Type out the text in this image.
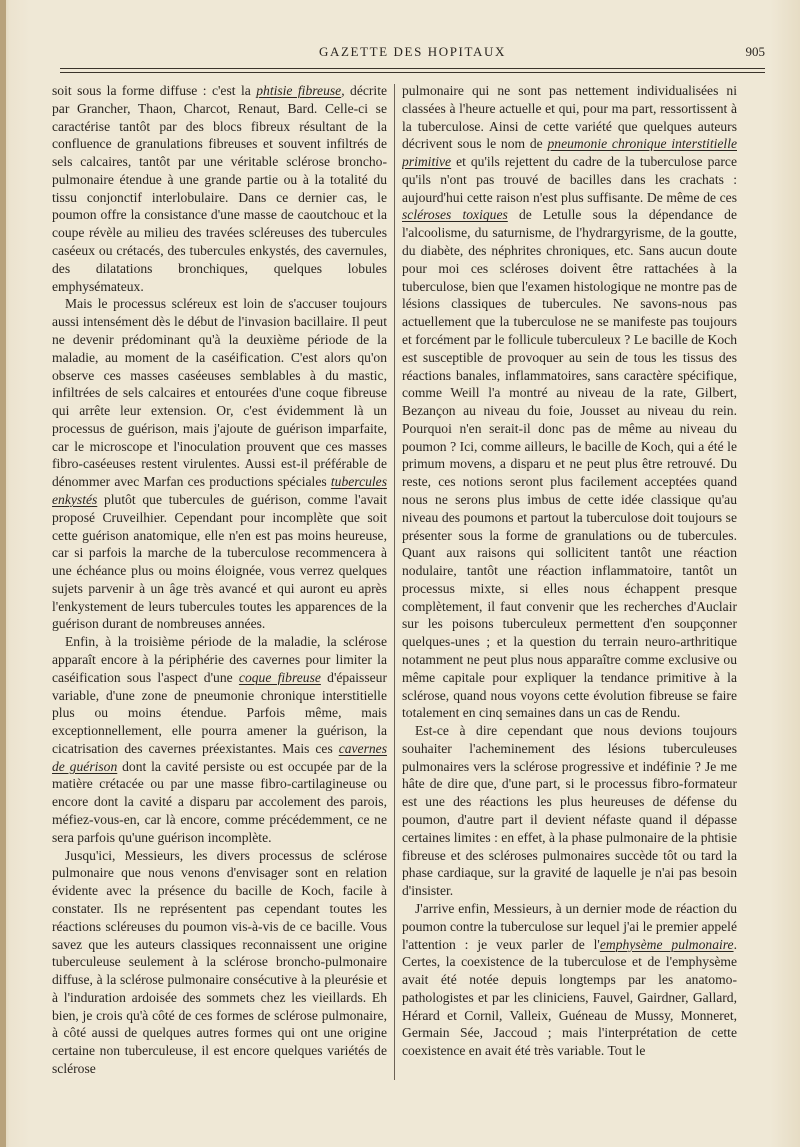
GAZETTE DES HOPITAUX	905

soit sous la forme diffuse : c'est la phtisie fibreuse, décrite par Grancher, Thaon, Charcot, Renaut, Bard. Celle-ci se caractérise tantôt par des blocs fibreux résultant de la confluence de granulations fibreuses et souvent infiltrés de sels calcaires, tantôt par une véritable sclérose broncho-pulmonaire étendue à une grande partie ou à la totalité du tissu conjonctif interlobulaire. Dans ce dernier cas, le poumon offre la consistance d'une masse de caoutchouc et la coupe révèle au milieu des travées scléreuses des tubercules caséeux ou crétacés, des tubercules enkystés, des cavernules, des dilatations bronchiques, quelques lobules emphysémateux.

Mais le processus scléreux est loin de s'accuser toujours aussi intensément dès le début de l'invasion bacillaire. Il peut ne devenir prédominant qu'à la deuxième période de la maladie, au moment de la caséification. C'est alors qu'on observe ces masses caséeuses semblables à du mastic, infiltrées de sels calcaires et entourées d'une coque fibreuse qui arrête leur extension. Or, c'est évidemment là un processus de guérison, mais j'ajoute de guérison imparfaite, car le microscope et l'inoculation prouvent que ces masses fibro-caséeuses restent virulentes. Aussi est-il préférable de dénommer avec Marfan ces productions spéciales tubercules enkystés plutôt que tubercules de guérison, comme l'avait proposé Cruveilhier. Cependant pour incomplète que soit cette guérison anatomique, elle n'en est pas moins heureuse, car si parfois la marche de la tuberculose recommencera à une échéance plus ou moins éloignée, vous verrez quelques sujets parvenir à un âge très avancé et qui auront eu après l'enkystement de leurs tubercules toutes les apparences de la guérison durant de nombreuses années.

Enfin, à la troisième période de la maladie, la sclérose apparaît encore à la périphérie des cavernes pour limiter la caséification sous l'aspect d'une coque fibreuse d'épaisseur variable, d'une zone de pneumonie chronique interstitielle plus ou moins étendue. Parfois même, mais exceptionnellement, elle pourra amener la guérison, la cicatrisation des cavernes préexistantes. Mais ces cavernes de guérison dont la cavité persiste ou est occupée par de la matière crétacée ou par une masse fibro-cartilagineuse ou encore dont la cavité a disparu par accolement des parois, méfiez-vous-en, car là encore, comme précédemment, ce ne sera parfois qu'une guérison incomplète.

Jusqu'ici, Messieurs, les divers processus de sclérose pulmonaire que nous venons d'envisager sont en relation évidente avec la présence du bacille de Koch, facile à constater. Ils ne représentent pas cependant toutes les réactions scléreuses du poumon vis-à-vis de ce bacille. Vous savez que les auteurs classiques reconnaissent une origine tuberculeuse seulement à la sclérose broncho-pulmonaire diffuse, à la sclérose pulmonaire consécutive à la pleurésie et à l'induration ardoisée des sommets chez les vieillards. Eh bien, je crois qu'à côté de ces formes de sclérose pulmonaire, à côté aussi de quelques autres formes qui ont une origine certaine non tuberculeuse, il est encore quelques variétés de sclérose

pulmonaire qui ne sont pas nettement individualisées ni classées à l'heure actuelle et qui, pour ma part, ressortissent à la tuberculose. Ainsi de cette variété que quelques auteurs décrivent sous le nom de pneumonie chronique interstitielle primitive et qu'ils rejettent du cadre de la tuberculose parce qu'ils n'ont pas trouvé de bacilles dans les crachats : aujourd'hui cette raison n'est plus suffisante. De même de ces scléroses toxiques de Letulle sous la dépendance de l'alcoolisme, du saturnisme, de l'hydrargyrisme, de la goutte, du diabète, des néphrites chroniques, etc. Sans aucun doute pour moi ces scléroses doivent être rattachées à la tuberculose, bien que l'examen histologique ne montre pas de lésions classiques de tubercules. Ne savons-nous pas actuellement que la tuberculose ne se manifeste pas toujours et forcément par le follicule tuberculeux ? Le bacille de Koch est susceptible de provoquer au sein de tous les tissus des réactions banales, inflammatoires, sans caractère spécifique, comme Weill l'a montré au niveau de la rate, Gilbert, Bezançon au niveau du foie, Jousset au niveau du rein. Pourquoi n'en serait-il donc pas de même au niveau du poumon ? Ici, comme ailleurs, le bacille de Koch, qui a été le primum movens, a disparu et ne peut plus être retrouvé. Du reste, ces notions seront plus facilement acceptées quand nous ne serons plus imbus de cette idée classique qu'au niveau des poumons et partout la tuberculose doit toujours se présenter sous la forme de granulations ou de tubercules. Quant aux raisons qui sollicitent tantôt une réaction nodulaire, tantôt une réaction inflammatoire, tantôt un processus mixte, si elles nous échappent presque complètement, il faut convenir que les recherches d'Auclair sur les poisons tuberculeux permettent d'en soupçonner quelques-unes ; et la question du terrain neuro-arthritique notamment ne peut plus nous apparaître comme exclusive ou même capitale pour expliquer la tendance primitive à la sclérose, quand nous voyons cette évolution fibreuse se faire totalement en cinq semaines dans un cas de Rendu.

Est-ce à dire cependant que nous devions toujours souhaiter l'acheminement des lésions tuberculeuses pulmonaires vers la sclérose progressive et indéfinie ? Je me hâte de dire que, d'une part, si le processus fibro-formateur est une des réactions les plus heureuses de défense du poumon, d'autre part il devient néfaste quand il dépasse certaines limites : en effet, à la phase pulmonaire de la phtisie fibreuse et des scléroses pulmonaires succède tôt ou tard la phase cardiaque, sur la gravité de laquelle je n'ai pas besoin d'insister.

J'arrive enfin, Messieurs, à un dernier mode de réaction du poumon contre la tuberculose sur lequel j'ai le premier appelé l'attention : je veux parler de l'emphysème pulmonaire. Certes, la coexistence de la tuberculose et de l'emphysème avait été notée depuis longtemps par les anatomo-pathologistes et par les cliniciens, Fauvel, Gairdner, Gallard, Hérard et Cornil, Valleix, Guéneau de Mussy, Monneret, Germain Sée, Jaccoud ; mais l'interprétation de cette coexistence en avait été très variable. Tout le
